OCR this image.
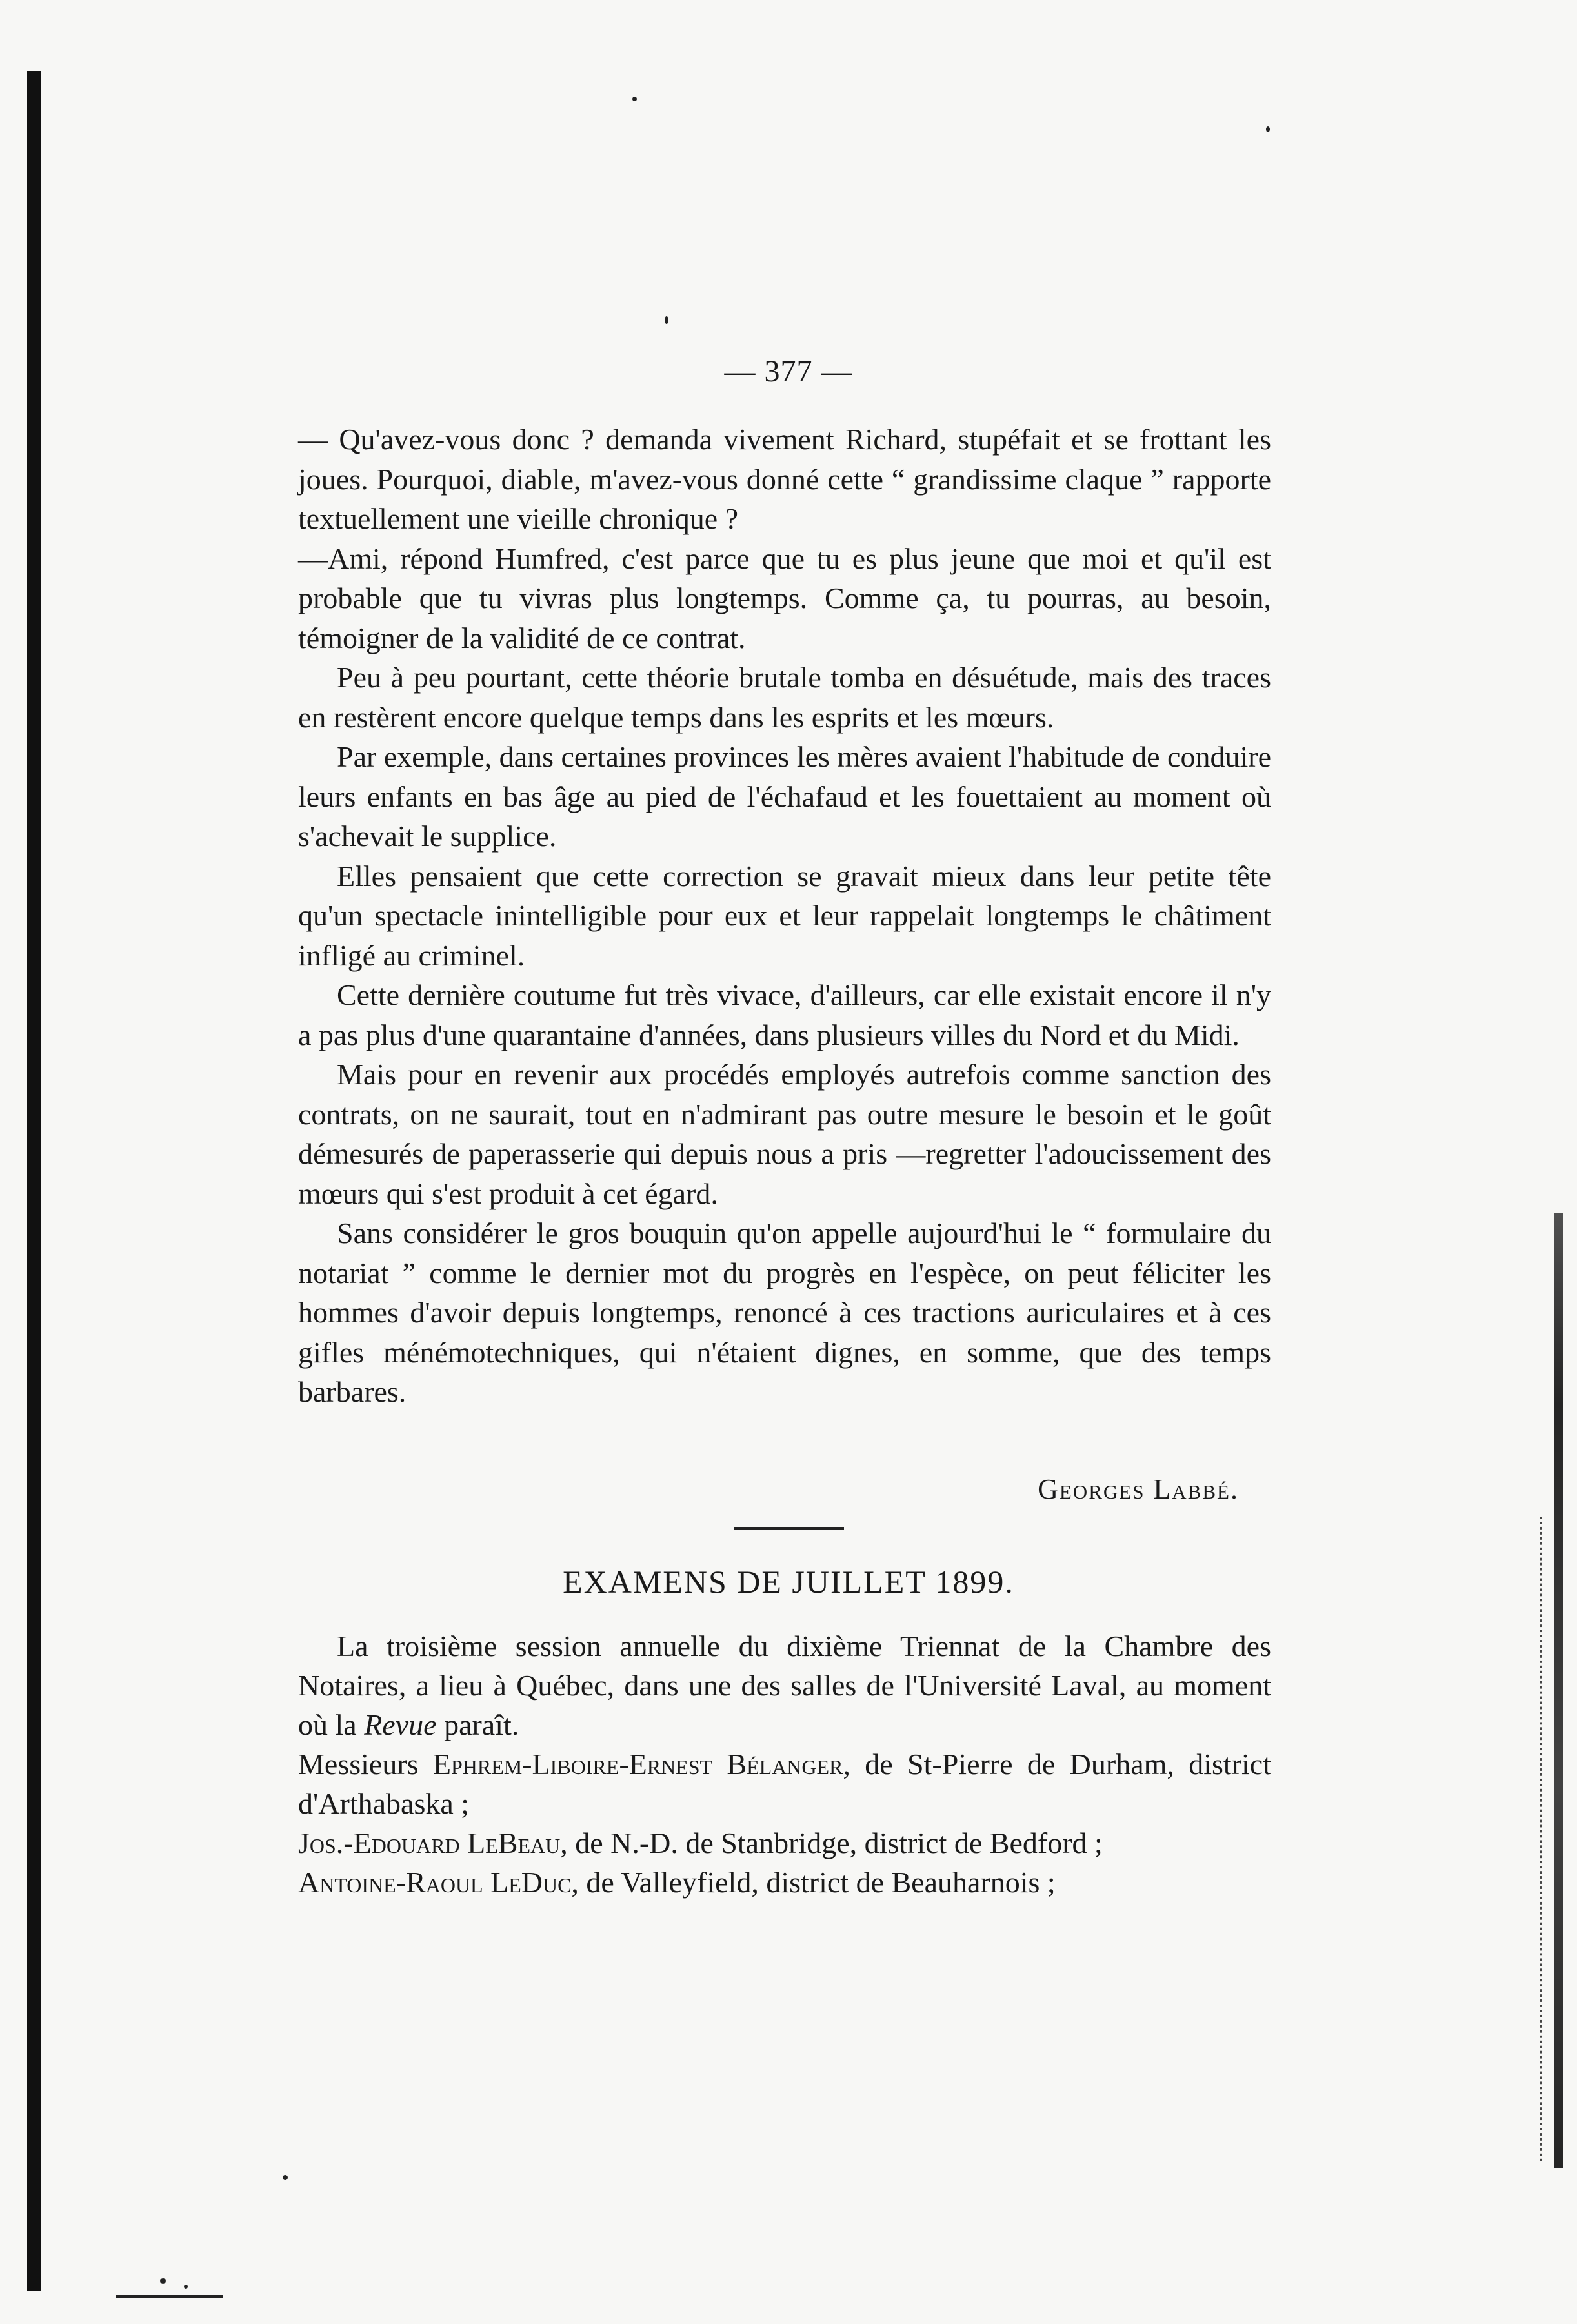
— 377 —

— Qu'avez-vous donc ? demanda vivement Richard, stupéfait et se frottant les joues. Pourquoi, diable, m'avez-vous donné cette “ grandissime claque ” rapporte textuellement une vieille chronique ?

—Ami, répond Humfred, c'est parce que tu es plus jeune que moi et qu'il est probable que tu vivras plus longtemps. Comme ça, tu pourras, au besoin, témoigner de la validité de ce contrat.

Peu à peu pourtant, cette théorie brutale tomba en désuétude, mais des traces en restèrent encore quelque temps dans les esprits et les mœurs.

Par exemple, dans certaines provinces les mères avaient l'habitude de conduire leurs enfants en bas âge au pied de l'échafaud et les fouettaient au moment où s'achevait le supplice.

Elles pensaient que cette correction se gravait mieux dans leur petite tête qu'un spectacle inintelligible pour eux et leur rappelait longtemps le châtiment infligé au criminel.

Cette dernière coutume fut très vivace, d'ailleurs, car elle existait encore il n'y a pas plus d'une quarantaine d'années, dans plusieurs villes du Nord et du Midi.

Mais pour en revenir aux procédés employés autrefois comme sanction des contrats, on ne saurait, tout en n'admirant pas outre mesure le besoin et le goût démesurés de paperasserie qui depuis nous a pris —regretter l'adoucissement des mœurs qui s'est produit à cet égard.

Sans considérer le gros bouquin qu'on appelle aujourd'hui le “ formulaire du notariat ” comme le dernier mot du progrès en l'espèce, on peut féliciter les hommes d'avoir depuis longtemps, renoncé à ces tractions auriculaires et à ces gifles ménémotechniques, qui n'étaient dignes, en somme, que des temps barbares.

Georges Labbé.
EXAMENS DE JUILLET 1899.

La troisième session annuelle du dixième Triennat de la Chambre des Notaires, a lieu à Québec, dans une des salles de l'Université Laval, au moment où la Revue paraît.

Messieurs Ephrem-Liboire-Ernest Bélanger, de St-Pierre de Durham, district d'Arthabaska ;

Jos.-Edouard LeBeau, de N.-D. de Stanbridge, district de Bedford ;

Antoine-Raoul LeDuc, de Valleyfield, district de Beauharnois ;
